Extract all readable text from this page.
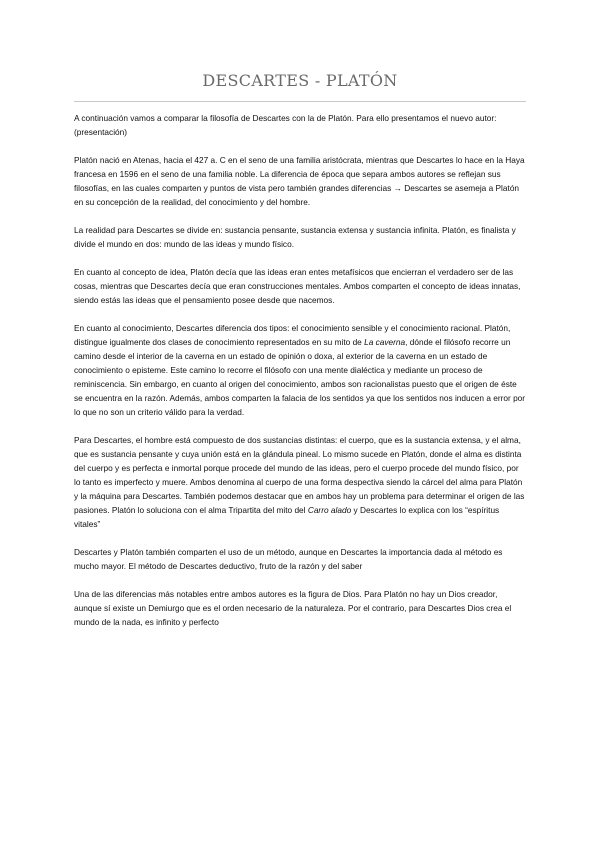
DESCARTES - PLATÓN

A continuación vamos a comparar la filosofía de Descartes con la de Platón. Para ello presentamos el nuevo autor: (presentación)

Platón nació en Atenas, hacia el 427 a. C en el seno de una familia aristócrata, mientras que Descartes lo hace en la Haya francesa en 1596 en el seno de una familia noble. La diferencia de época que separa ambos autores se reflejan sus filosofías, en las cuales comparten y puntos de vista pero también grandes diferencias → Descartes se asemeja a Platón en su concepción de la realidad, del conocimiento y del hombre.

La realidad para Descartes se divide en: sustancia pensante, sustancia extensa y sustancia infinita. Platón, es finalista y divide el mundo en dos: mundo de las ideas y mundo físico.

En cuanto al concepto de idea, Platón decía que las ideas eran entes metafísicos que encierran el verdadero ser de las cosas, mientras que Descartes decía que eran construcciones mentales. Ambos comparten el concepto de ideas innatas, siendo estás las ideas que el pensamiento posee desde que nacemos.

En cuanto al conocimiento, Descartes diferencia dos tipos: el conocimiento sensible y el conocimiento racional. Platón, distingue igualmente dos clases de conocimiento representados en su mito de La caverna, dónde el filósofo recorre un camino desde el interior de la caverna en un estado de opinión o doxa, al exterior de la caverna en un estado de conocimiento o episteme. Este camino lo recorre el filósofo con una mente dialéctica y mediante un proceso de reminiscencia. Sin embargo, en cuanto al origen del conocimiento, ambos son racionalistas puesto que el origen de éste se encuentra en la razón. Además, ambos comparten la falacia de los sentidos ya que los sentidos nos inducen a error por lo que no son un criterio válido para la verdad.

Para Descartes, el hombre está compuesto de dos sustancias distintas: el cuerpo, que es la sustancia extensa, y el alma, que es sustancia pensante y cuya unión está en la glándula pineal. Lo mismo sucede en Platón, donde el alma es distinta del cuerpo y es perfecta e inmortal porque procede del mundo de las ideas, pero el cuerpo procede del mundo físico, por lo tanto es imperfecto y muere. Ambos denomina al cuerpo de una forma despectiva siendo la cárcel del alma para Platón y la máquina para Descartes. También podemos destacar que en ambos hay un problema para determinar el origen de las pasiones. Platón lo soluciona con el alma Tripartita del mito del Carro alado y Descartes lo explica con los “espíritus vitales”

Descartes y Platón también comparten el uso de un método, aunque en Descartes la importancia dada al método es mucho mayor. El método de Descartes deductivo, fruto de la razón y del saber

Una de las diferencias más notables entre ambos autores es la figura de Dios. Para Platón no hay un Dios creador, aunque sí existe un Demiurgo que es el orden necesario de la naturaleza. Por el contrario, para Descartes Dios crea el mundo de la nada, es infinito y perfecto
